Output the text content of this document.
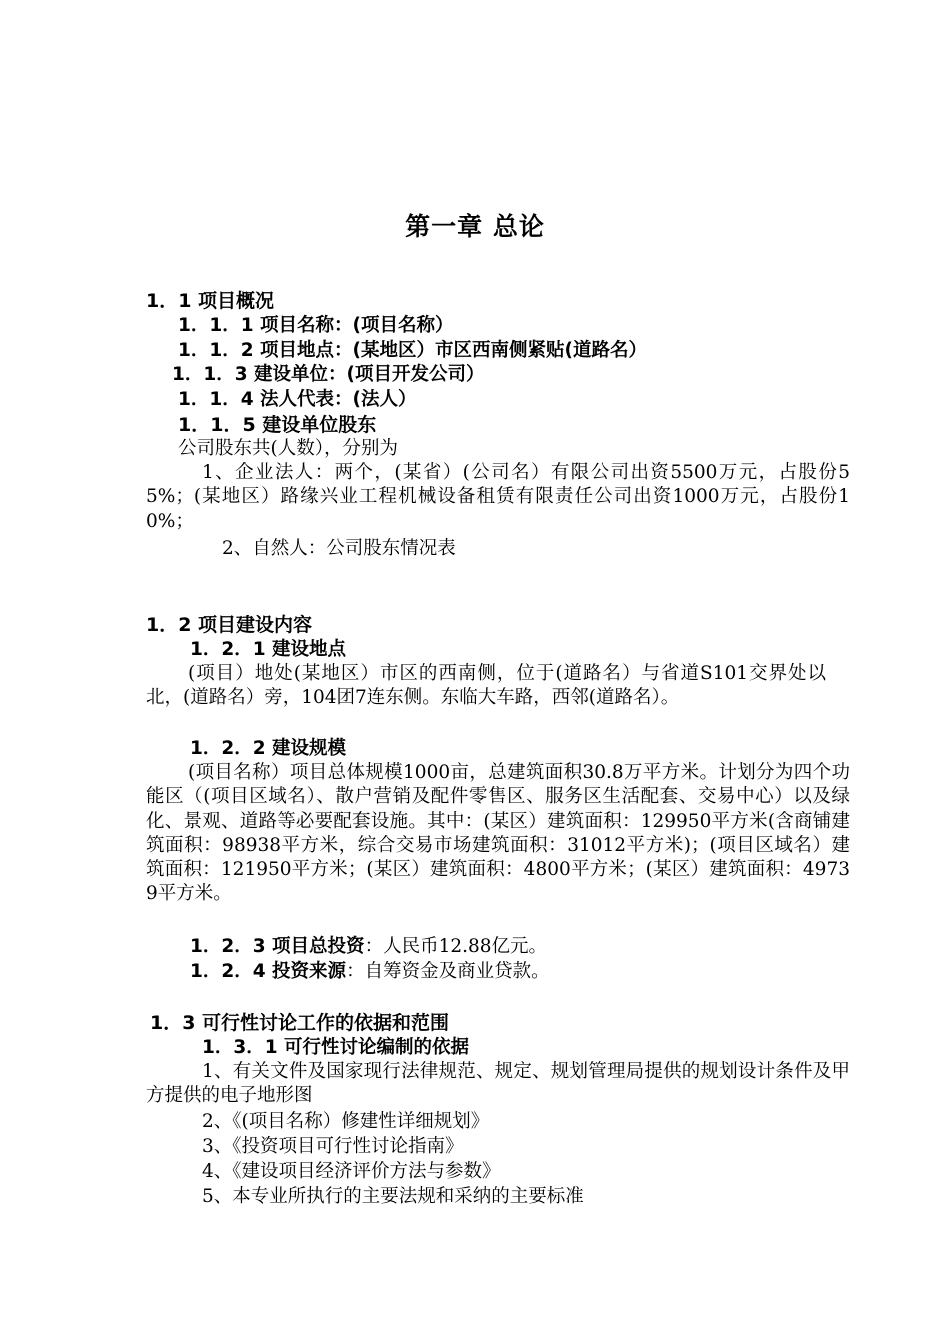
第一章 总论
1．1 项目概况
1．1．1 项目名称：(项目名称）
1．1．2 项目地点：(某地区）市区西南侧紧贴(道路名）
1．1．3 建设单位：(项目开发公司）
1．1．4 法人代表：(法人）
1．1．5 建设单位股东
公司股东共(人数），分别为
1、企业法人：两个，(某省）(公司名）有限公司出资5500万元，占股份55%；(某地区）路缘兴业工程机械设备租赁有限责任公司出资1000万元，占股份10%；
2、自然人：公司股东情况表
1．2 项目建设内容
1．2．1 建设地点
(项目）地处(某地区）市区的西南侧，位于(道路名）与省道S101交界处以北，(道路名）旁，104团7连东侧。东临大车路，西邻(道路名）。
1．2．2 建设规模
(项目名称）项目总体规模1000亩，总建筑面积30.8万平方米。计划分为四个功能区（(项目区域名）、散户营销及配件零售区、服务区生活配套、交易中心）以及绿化、景观、道路等必要配套设施。其中：(某区）建筑面积：129950平方米(含商铺建筑面积：98938平方米，综合交易市场建筑面积：31012平方米)；(项目区域名）建筑面积：121950平方米；(某区）建筑面积：4800平方米；(某区）建筑面积：49739平方米。
1．2．3 项目总投资：人民币12.88亿元。
1．2．4 投资来源：自筹资金及商业贷款。
1．3 可行性讨论工作的依据和范围
1．3．1 可行性讨论编制的依据
1、有关文件及国家现行法律规范、规定、规划管理局提供的规划设计条件及甲方提供的电子地形图
2、《(项目名称）修建性详细规划》
3、《投资项目可行性讨论指南》
4、《建设项目经济评价方法与参数》
5、本专业所执行的主要法规和采纳的主要标准
